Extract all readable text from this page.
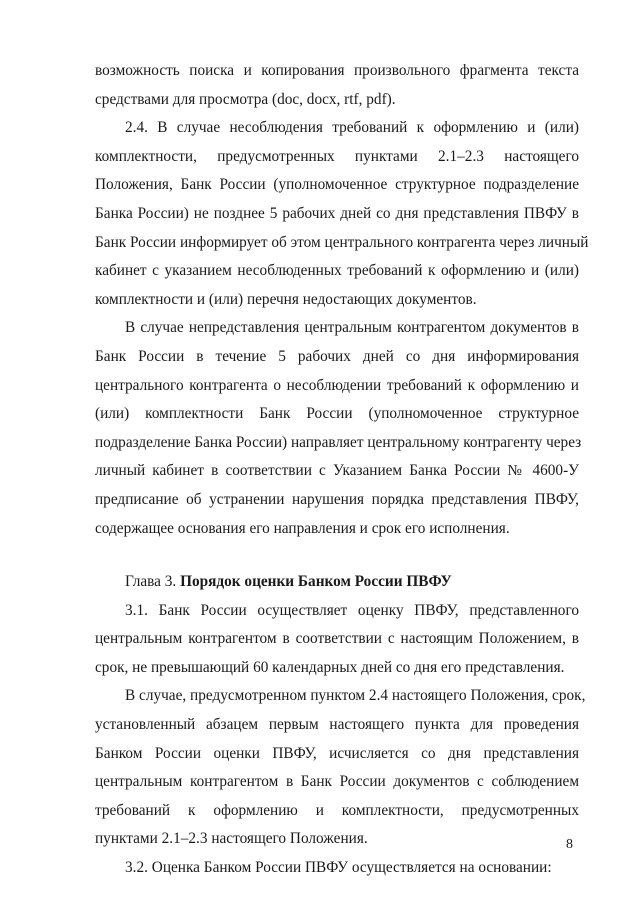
возможность поиска и копирования произвольного фрагмента текста

средствами для просмотра (doc, docx, rtf, pdf).

2.4. В случае несоблюдения требований к оформлению и (или)

комплектности, предусмотренных пунктами 2.1–2.3 настоящего

Положения, Банк России (уполномоченное структурное подразделение

Банка России) не позднее 5 рабочих дней со дня представления ПВФУ в

Банк России информирует об этом центрального контрагента через личный

кабинет с указанием несоблюденных требований к оформлению и (или)

комплектности и (или) перечня недостающих документов.

В случае непредставления центральным контрагентом документов в

Банк России в течение 5 рабочих дней со дня информирования

центрального контрагента о несоблюдении требований к оформлению и

(или) комплектности Банк России (уполномоченное структурное

подразделение Банка России) направляет центральному контрагенту через

личный кабинет в соответствии с Указанием Банка России № 4600-У

предписание об устранении нарушения порядка представления ПВФУ,

содержащее основания его направления и срок его исполнения.

Глава 3. Порядок оценки Банком России ПВФУ

3.1. Банк России осуществляет оценку ПВФУ, представленного

центральным контрагентом в соответствии с настоящим Положением, в

срок, не превышающий 60 календарных дней со дня его представления.

В случае, предусмотренном пунктом 2.4 настоящего Положения, срок,

установленный абзацем первым настоящего пункта для проведения

Банком России оценки ПВФУ, исчисляется со дня представления

центральным контрагентом в Банк России документов с соблюдением

требований к оформлению и комплектности, предусмотренных

пунктами 2.1–2.3 настоящего Положения.

3.2. Оценка Банком России ПВФУ осуществляется на основании:

8
